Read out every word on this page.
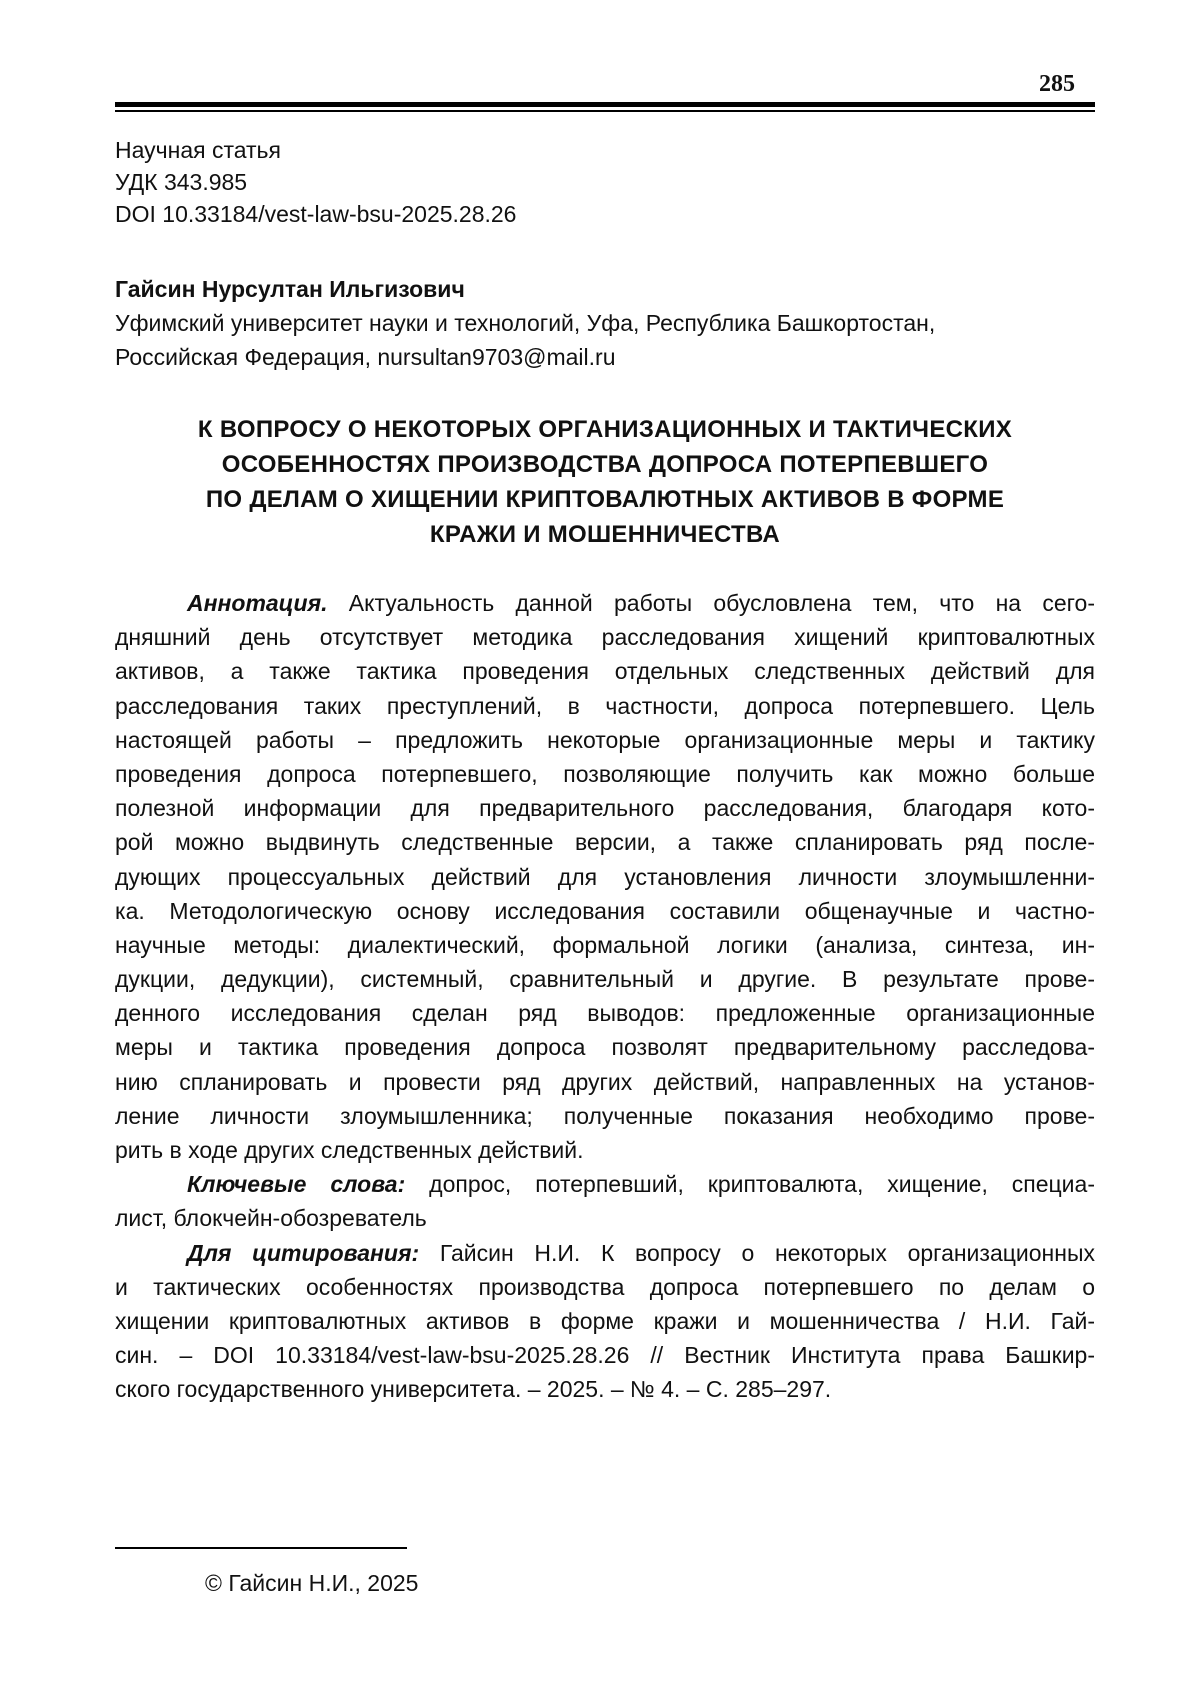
285
Научная статья
УДК 343.985
DOI 10.33184/vest-law-bsu-2025.28.26
Гайсин Нурсултан Ильгизович
Уфимский университет науки и технологий, Уфа, Республика Башкортостан,
Российская Федерация, nursultan9703@mail.ru
К ВОПРОСУ О НЕКОТОРЫХ ОРГАНИЗАЦИОННЫХ И ТАКТИЧЕСКИХ
ОСОБЕННОСТЯХ ПРОИЗВОДСТВА ДОПРОСА ПОТЕРПЕВШЕГО
ПО ДЕЛАМ О ХИЩЕНИИ КРИПТОВАЛЮТНЫХ АКТИВОВ В ФОРМЕ
КРАЖИ И МОШЕННИЧЕСТВА
Аннотация. Актуальность данной работы обусловлена тем, что на сего-
дняшний день отсутствует методика расследования хищений криптовалютных
активов, а также тактика проведения отдельных следственных действий для
расследования таких преступлений, в частности, допроса потерпевшего. Цель
настоящей работы – предложить некоторые организационные меры и тактику
проведения допроса потерпевшего, позволяющие получить как можно больше
полезной информации для предварительного расследования, благодаря кото-
рой можно выдвинуть следственные версии, а также спланировать ряд после-
дующих процессуальных действий для установления личности злоумышленни-
ка. Методологическую основу исследования составили общенаучные и частно-
научные методы: диалектический, формальной логики (анализа, синтеза, ин-
дукции, дедукции), системный, сравнительный и другие. В результате прове-
денного исследования сделан ряд выводов: предложенные организационные
меры и тактика проведения допроса позволят предварительному расследова-
нию спланировать и провести ряд других действий, направленных на установ-
ление личности злоумышленника; полученные показания необходимо прове-
рить в ходе других следственных действий.
Ключевые слова: допрос, потерпевший, криптовалюта, хищение, специа-
лист, блокчейн-обозреватель
Для цитирования: Гайсин Н.И. К вопросу о некоторых организационных
и тактических особенностях производства допроса потерпевшего по делам о
хищении криптовалютных активов в форме кражи и мошенничества / Н.И. Гай-
син. – DOI 10.33184/vest-law-bsu-2025.28.26 // Вестник Института права Башкир-
ского государственного университета. – 2025. – № 4. – С. 285–297.
© Гайсин Н.И., 2025
